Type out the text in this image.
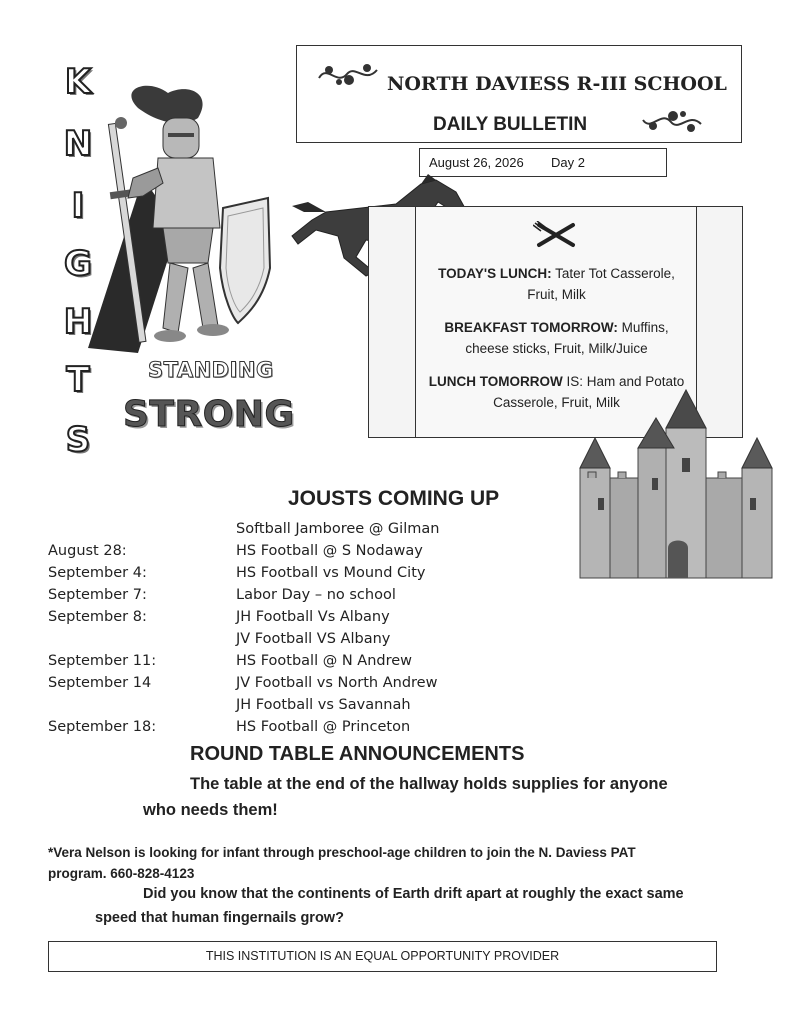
K
N
I
G
H
T
S
STANDING
STRONG
NORTH DAVIESS R-III SCHOOL
DAILY BULLETIN
August 26, 2026 Day 2
TODAY'S LUNCH: Tater Tot Casserole,
Fruit, Milk
BREAKFAST TOMORROW: Muffins,
cheese sticks, Fruit, Milk/Juice
LUNCH TOMORROW IS: Ham and Potato
Casserole, Fruit, Milk
JOUSTS COMING UP
Softball Jamboree @ Gilman
August 28:	HS Football @ S Nodaway
September 4:	HS Football vs Mound City
September 7:	Labor Day – no school
September 8:	JH Football Vs Albany
JV Football VS Albany
September 11:	HS Football @ N Andrew
September 14	JV Football vs North Andrew
JH Football vs Savannah
September 18:	HS Football @ Princeton
ROUND TABLE ANNOUNCEMENTS
The table at the end of the hallway holds supplies for anyone
who needs them!
*Vera Nelson is looking for infant through preschool-age children to join the N. Daviess PAT
program. 660-828-4123
Did you know that the continents of Earth drift apart at roughly the exact same
speed that human fingernails grow?
THIS INSTITUTION IS AN EQUAL OPPORTUNITY PROVIDER
